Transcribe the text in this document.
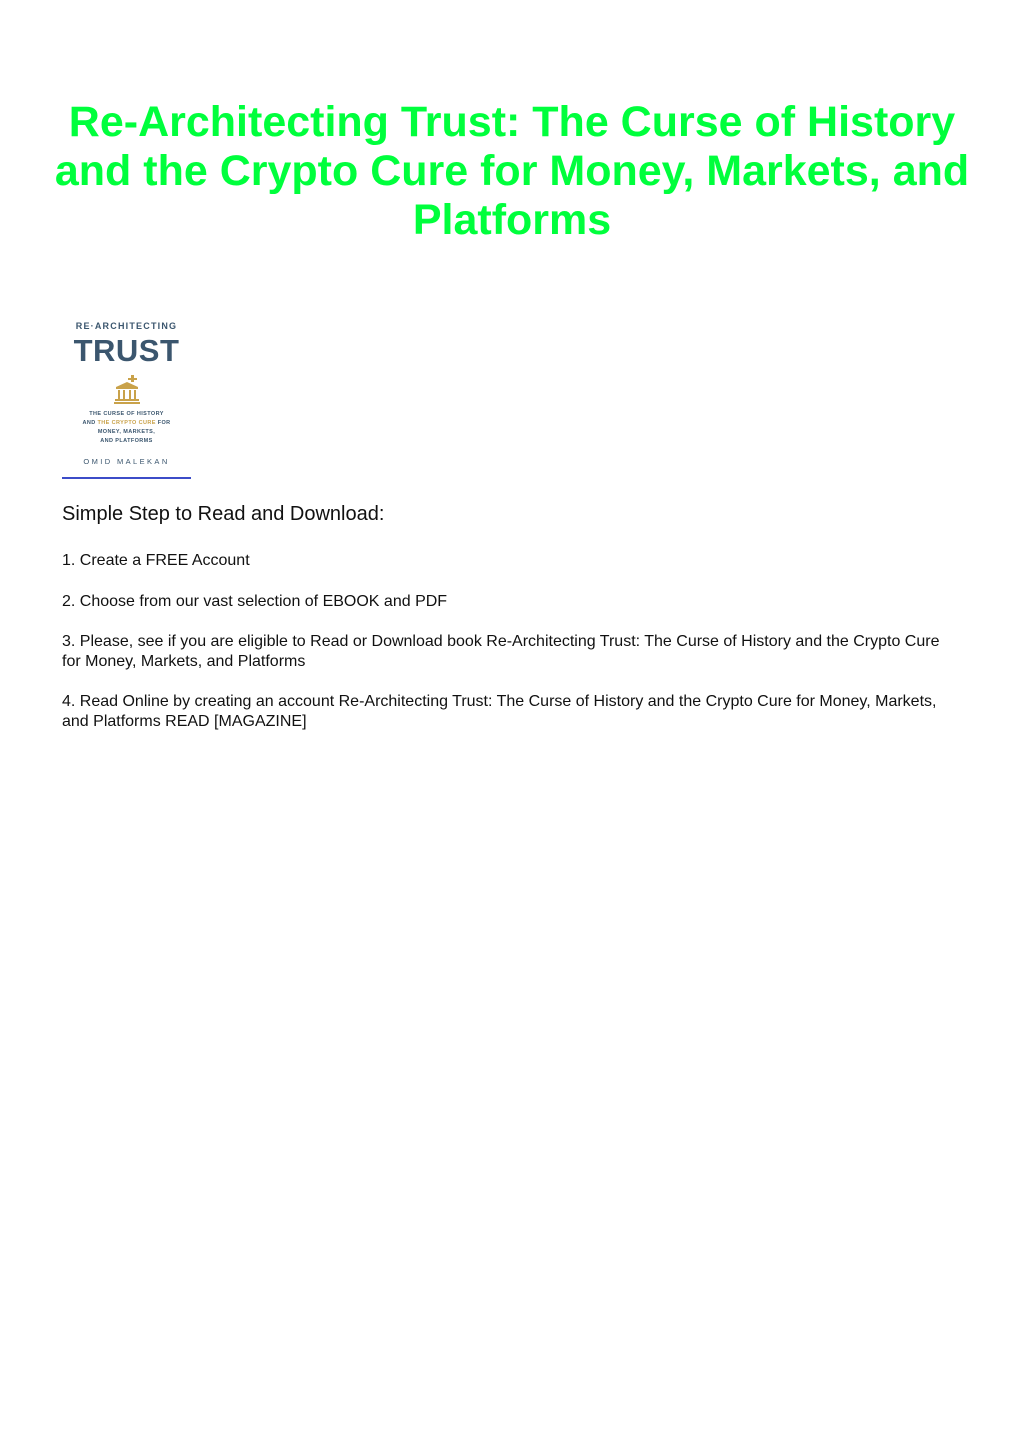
Re-Architecting Trust: The Curse of History and the Crypto Cure for Money, Markets, and Platforms
RE·ARCHITECTING
TRUST
THE CURSE OF HISTORY
AND THE CRYPTO CURE FOR
MONEY, MARKETS,
AND PLATFORMS
OMID MALEKAN
Simple Step to Read and Download:

1. Create a FREE Account

2. Choose from our vast selection of EBOOK and PDF

3. Please, see if you are eligible to Read or Download book Re-Architecting Trust: The Curse of History and the Crypto Cure for Money, Markets, and Platforms

4. Read Online by creating an account Re-Architecting Trust: The Curse of History and the Crypto Cure for Money, Markets, and Platforms READ [MAGAZINE]
